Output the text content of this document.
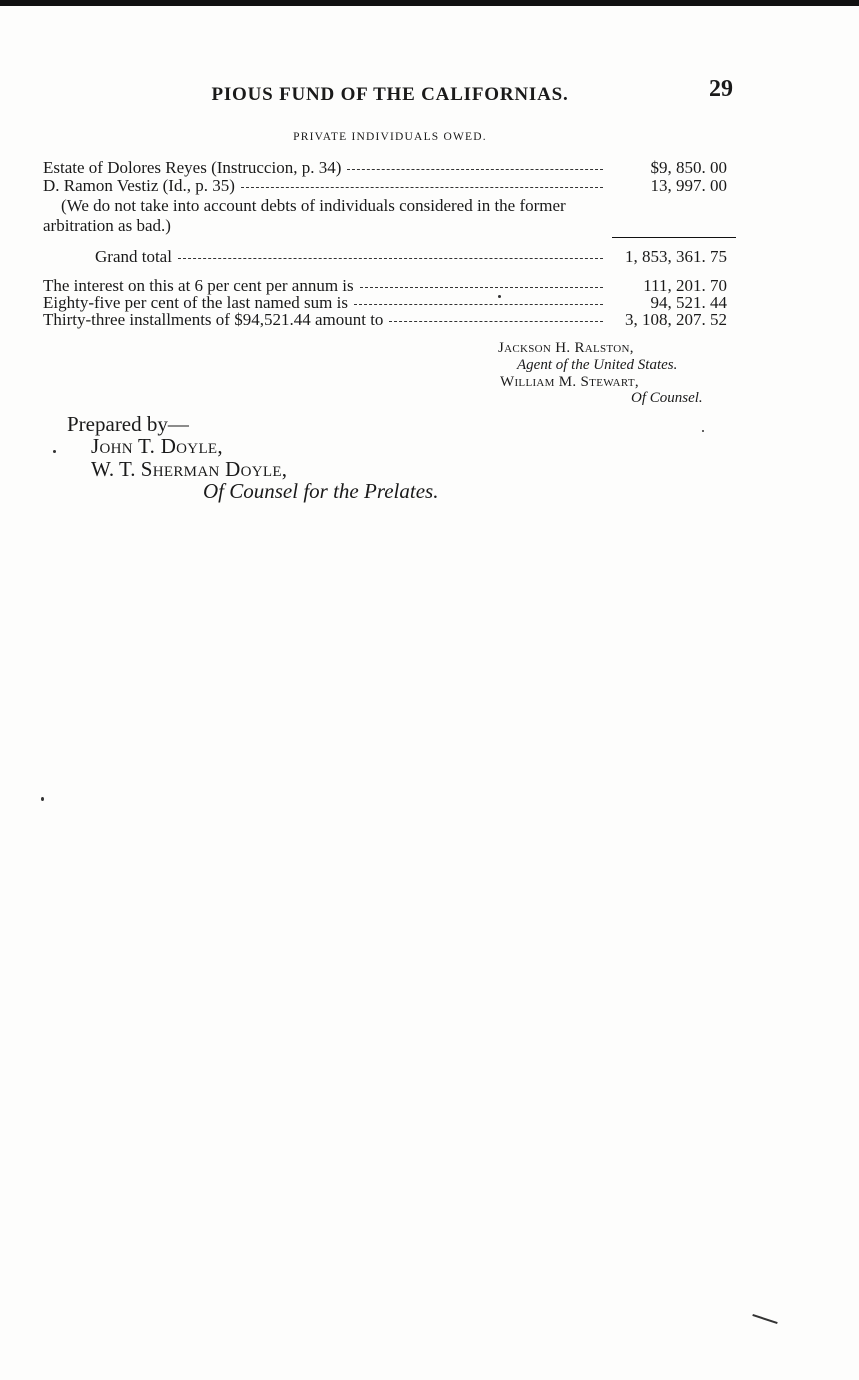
PIOUS FUND OF THE CALIFORNIAS.	29
PRIVATE INDIVIDUALS OWED.
Estate of Dolores Reyes (Instruccion, p. 34)	$9, 850. 00
D. Ramon Vestiz (Id., p. 35)	13, 997. 00
(We do not take into account debts of individuals considered in the former arbitration as bad.)
Grand total	1, 853, 361. 75
The interest on this at 6 per cent per annum is	111, 201. 70
Eighty-five per cent of the last named sum is	94, 521. 44
Thirty-three installments of $94,521.44 amount to	3, 108, 207. 52
Jackson H. Ralston,
Agent of the United States.
William M. Stewart,
Of Counsel.
Prepared by—
John T. Doyle,
W. T. Sherman Doyle,
Of Counsel for the Prelates.
